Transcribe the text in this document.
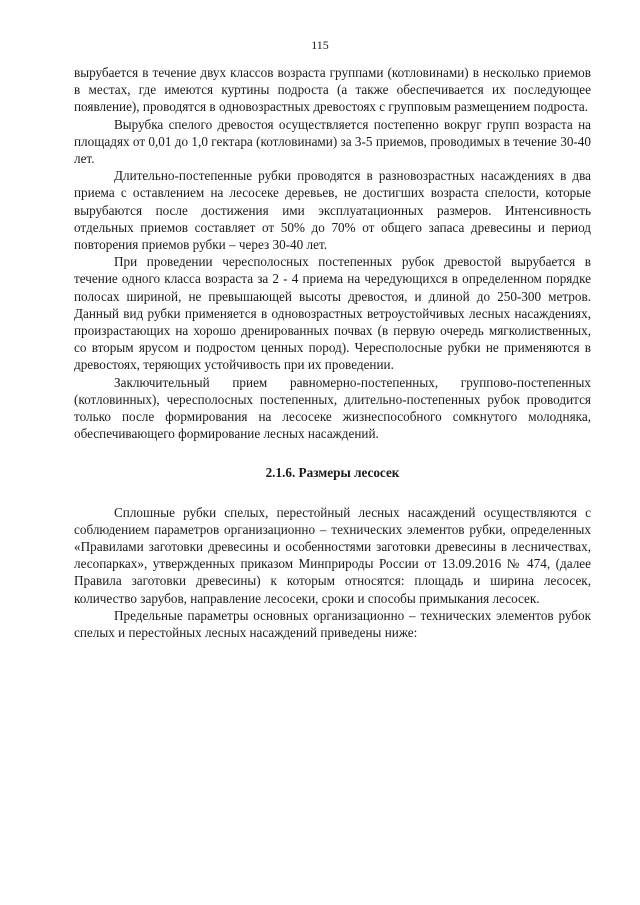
115

вырубается в течение двух классов возраста группами (котловинами) в несколько приемов в местах, где имеются куртины подроста (а также обеспечивается их последующее появление), проводятся в одновозрастных древостоях с групповым размещением подроста.

Вырубка спелого древостоя осуществляется постепенно вокруг групп возраста на площадях от 0,01 до 1,0 гектара (котловинами) за 3-5 приемов, проводимых в течение 30-40 лет.

Длительно-постепенные рубки проводятся в разновозрастных насаждениях в два приема с оставлением на лесосеке деревьев, не достигших возраста спелости, которые вырубаются после достижения ими эксплуатационных размеров. Интенсивность отдельных приемов составляет от 50% до 70% от общего запаса древесины и период повторения приемов рубки – через 30-40 лет.

При проведении чересполосных постепенных рубок древостой вырубается в течение одного класса возраста за 2 - 4 приема на чередующихся в определенном порядке полосах шириной, не превышающей высоты древостоя, и длиной до 250-300 метров. Данный вид рубки применяется в одновозрастных ветроустойчивых лесных насаждениях, произрастающих на хорошо дренированных почвах (в первую очередь мягколиственных, со вторым ярусом и подростом ценных пород). Чересполосные рубки не применяются в древостоях, теряющих устойчивость при их проведении.

Заключительный прием равномерно-постепенных, группово-постепенных (котловинных), чересполосных постепенных, длительно-постепенных рубок проводится только после формирования на лесосеке жизнеспособного сомкнутого молодняка, обеспечивающего формирование лесных насаждений.

2.1.6. Размеры лесосек

Сплошные рубки спелых, перестойный лесных насаждений осуществляются с соблюдением параметров организационно – технических элементов рубки, определенных «Правилами заготовки древесины и особенностями заготовки древесины в лесничествах, лесопарках», утвержденных приказом Минприроды России от 13.09.2016 № 474, (далее Правила заготовки древесины) к которым относятся: площадь и ширина лесосек, количество зарубов, направление лесосеки, сроки и способы примыкания лесосек.

Предельные параметры основных организационно – технических элементов рубок спелых и перестойных лесных насаждений приведены ниже:
